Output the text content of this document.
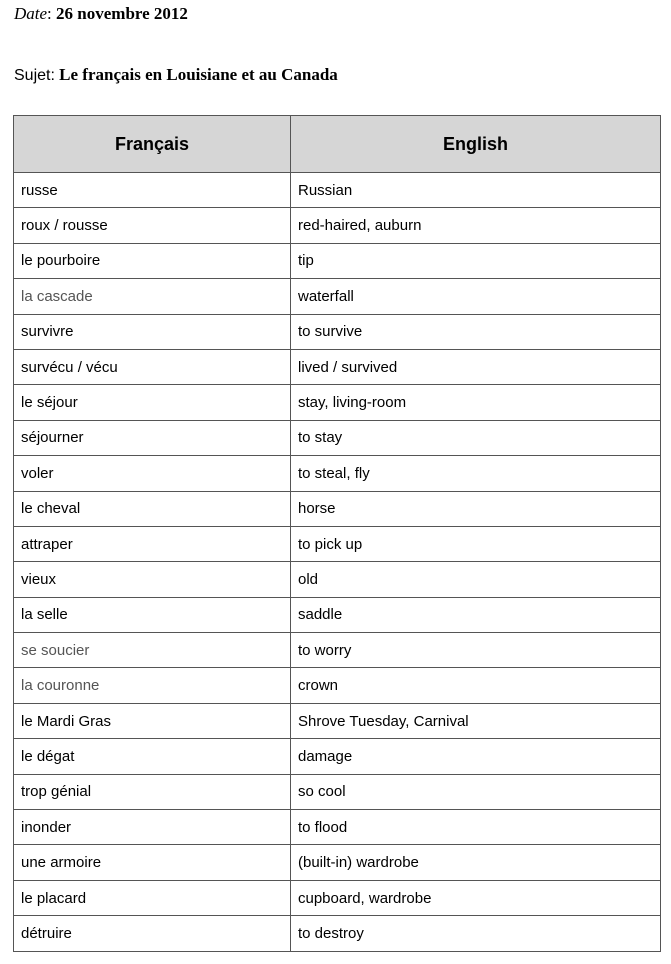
Date: 26 novembre 2012
Sujet: Le français en Louisiane et au Canada
Français	English
russe	Russian
roux / rousse	red-haired, auburn
le pourboire	tip
la cascade	waterfall
survivre	to survive
survécu / vécu	lived / survived
le séjour	stay, living-room
séjourner	to stay
voler	to steal, fly
le cheval	horse
attraper	to pick up
vieux	old
la selle	saddle
se soucier	to worry
la couronne	crown
le Mardi Gras	Shrove Tuesday, Carnival
le dégat	damage
trop génial	so cool
inonder	to flood
une armoire	(built-in) wardrobe
le placard	cupboard, wardrobe
détruire	to destroy
